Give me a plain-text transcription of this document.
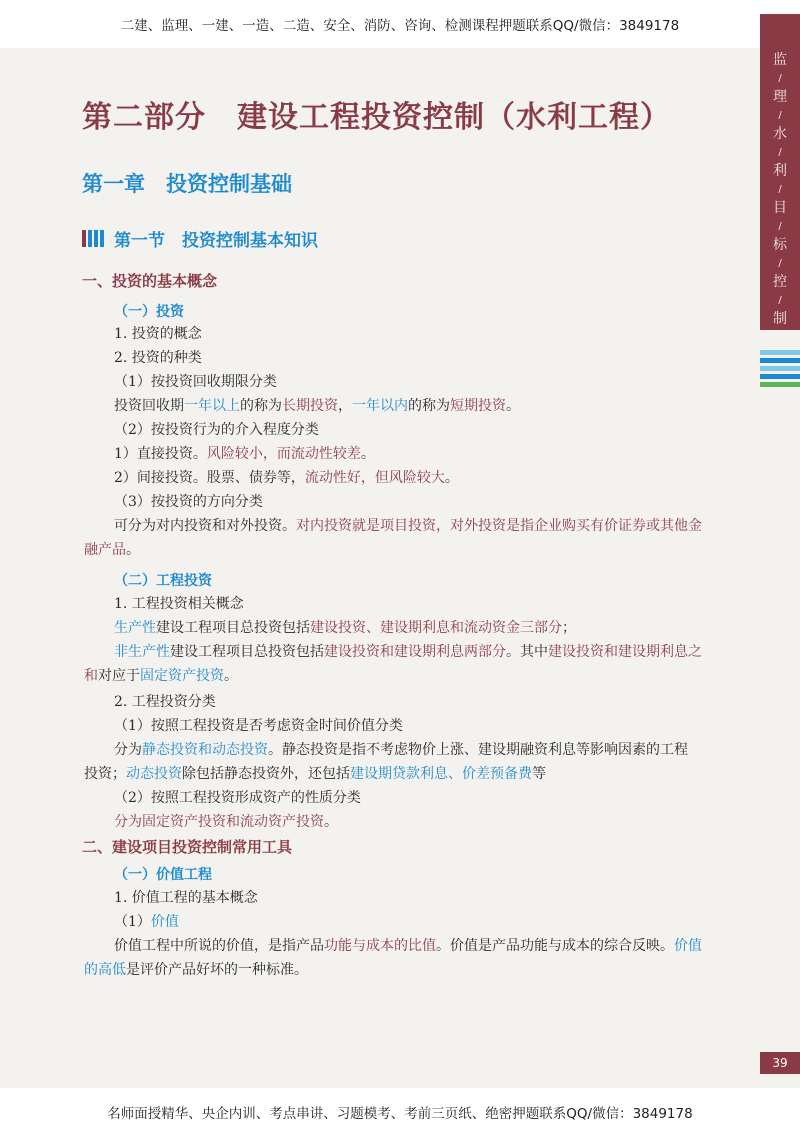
二建、监理、一建、一造、二造、安全、消防、咨询、检测课程押题联系QQ/微信：3849178
监
/
理
/
水
/
利
/
目
/
标
/
控
/
制
第二部分　建设工程投资控制（水利工程）
第一章　投资控制基础
第一节　投资控制基本知识
一、投资的基本概念
（一）投资
1. 投资的概念
2. 投资的种类
（1）按投资回收期限分类
投资回收期一年以上的称为长期投资，一年以内的称为短期投资。
（2）按投资行为的介入程度分类
1）直接投资。风险较小，而流动性较差。
2）间接投资。股票、债券等，流动性好，但风险较大。
（3）按投资的方向分类
可分为对内投资和对外投资。对内投资就是项目投资，对外投资是指企业购买有价证券或其他金
融产品。
（二）工程投资
1. 工程投资相关概念
生产性建设工程项目总投资包括建设投资、建设期利息和流动资金三部分；
非生产性建设工程项目总投资包括建设投资和建设期利息两部分。其中建设投资和建设期利息之
和对应于固定资产投资。
2. 工程投资分类
（1）按照工程投资是否考虑资金时间价值分类
分为静态投资和动态投资。静态投资是指不考虑物价上涨、建设期融资利息等影响因素的工程
投资；动态投资除包括静态投资外，还包括建设期贷款利息、价差预备费等
（2）按照工程投资形成资产的性质分类
分为固定资产投资和流动资产投资。
二、建设项目投资控制常用工具
（一）价值工程
1. 价值工程的基本概念
（1）价值
价值工程中所说的价值，是指产品功能与成本的比值。价值是产品功能与成本的综合反映。价值
的高低是评价产品好坏的一种标准。
39
名师面授精华、央企内训、考点串讲、习题模考、考前三页纸、绝密押题联系QQ/微信：3849178
